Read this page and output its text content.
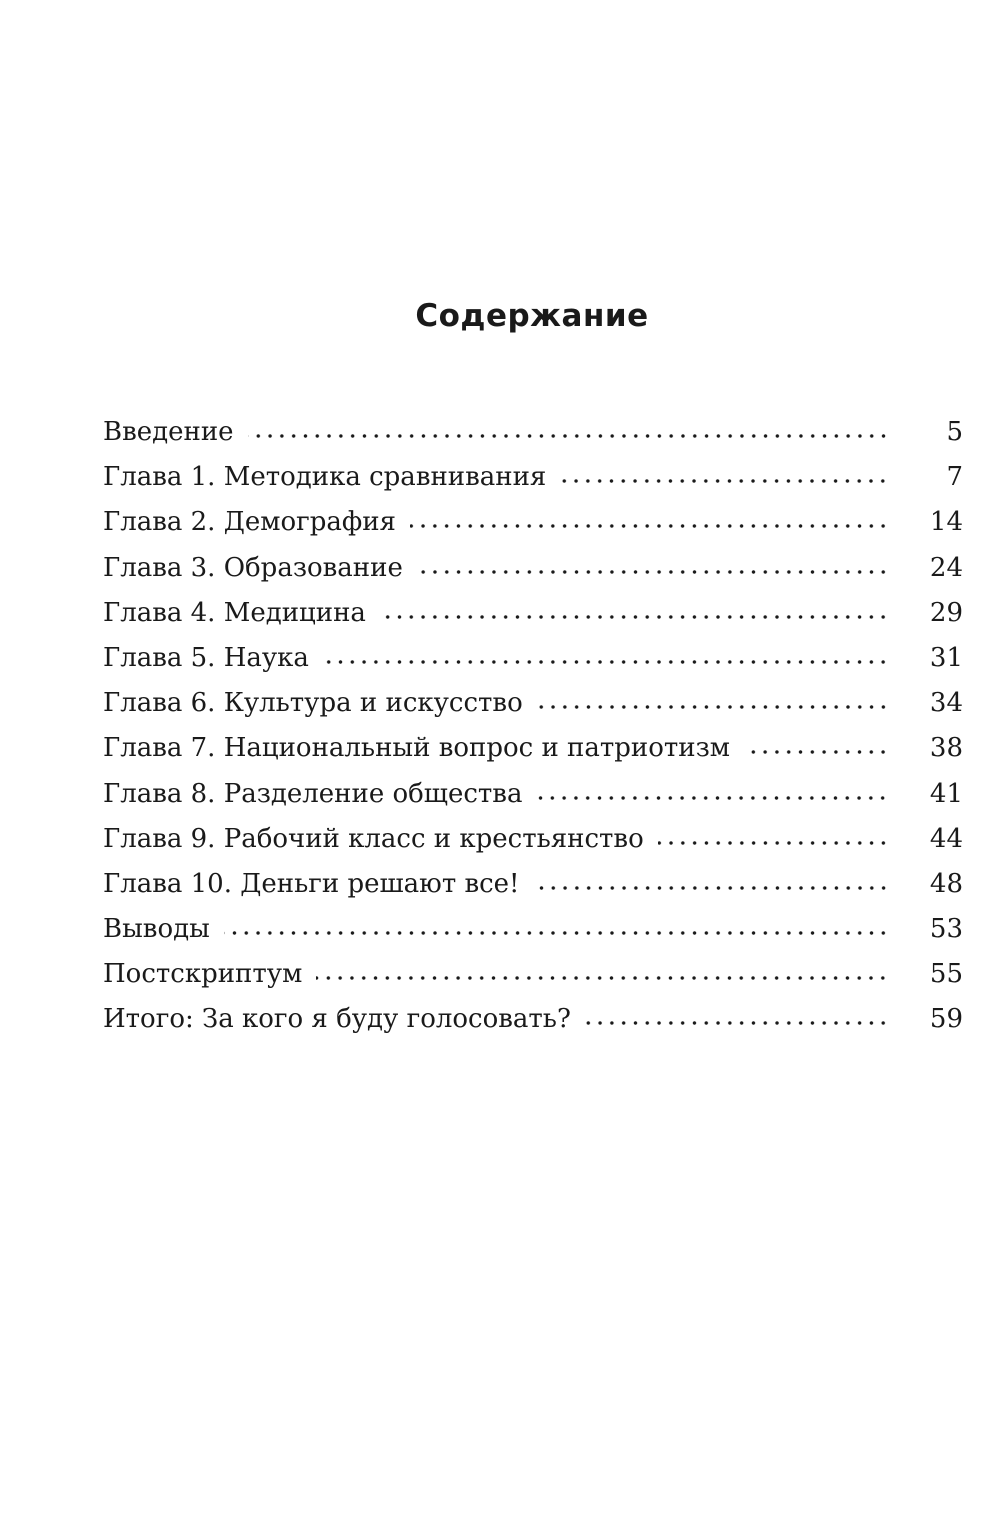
Содержание
Введение	5
Глава 1. Методика сравнивания	7
Глава 2. Демография	14
Глава 3. Образование	24
Глава 4. Медицина	29
Глава 5. Наука	31
Глава 6. Культура и искусство	34
Глава 7. Национальный вопрос и патриотизм	38
Глава 8. Разделение общества	41
Глава 9. Рабочий класс и крестьянство	44
Глава 10. Деньги решают все!	48
Выводы	53
Постскриптум	55
Итого: За кого я буду голосовать?	59
